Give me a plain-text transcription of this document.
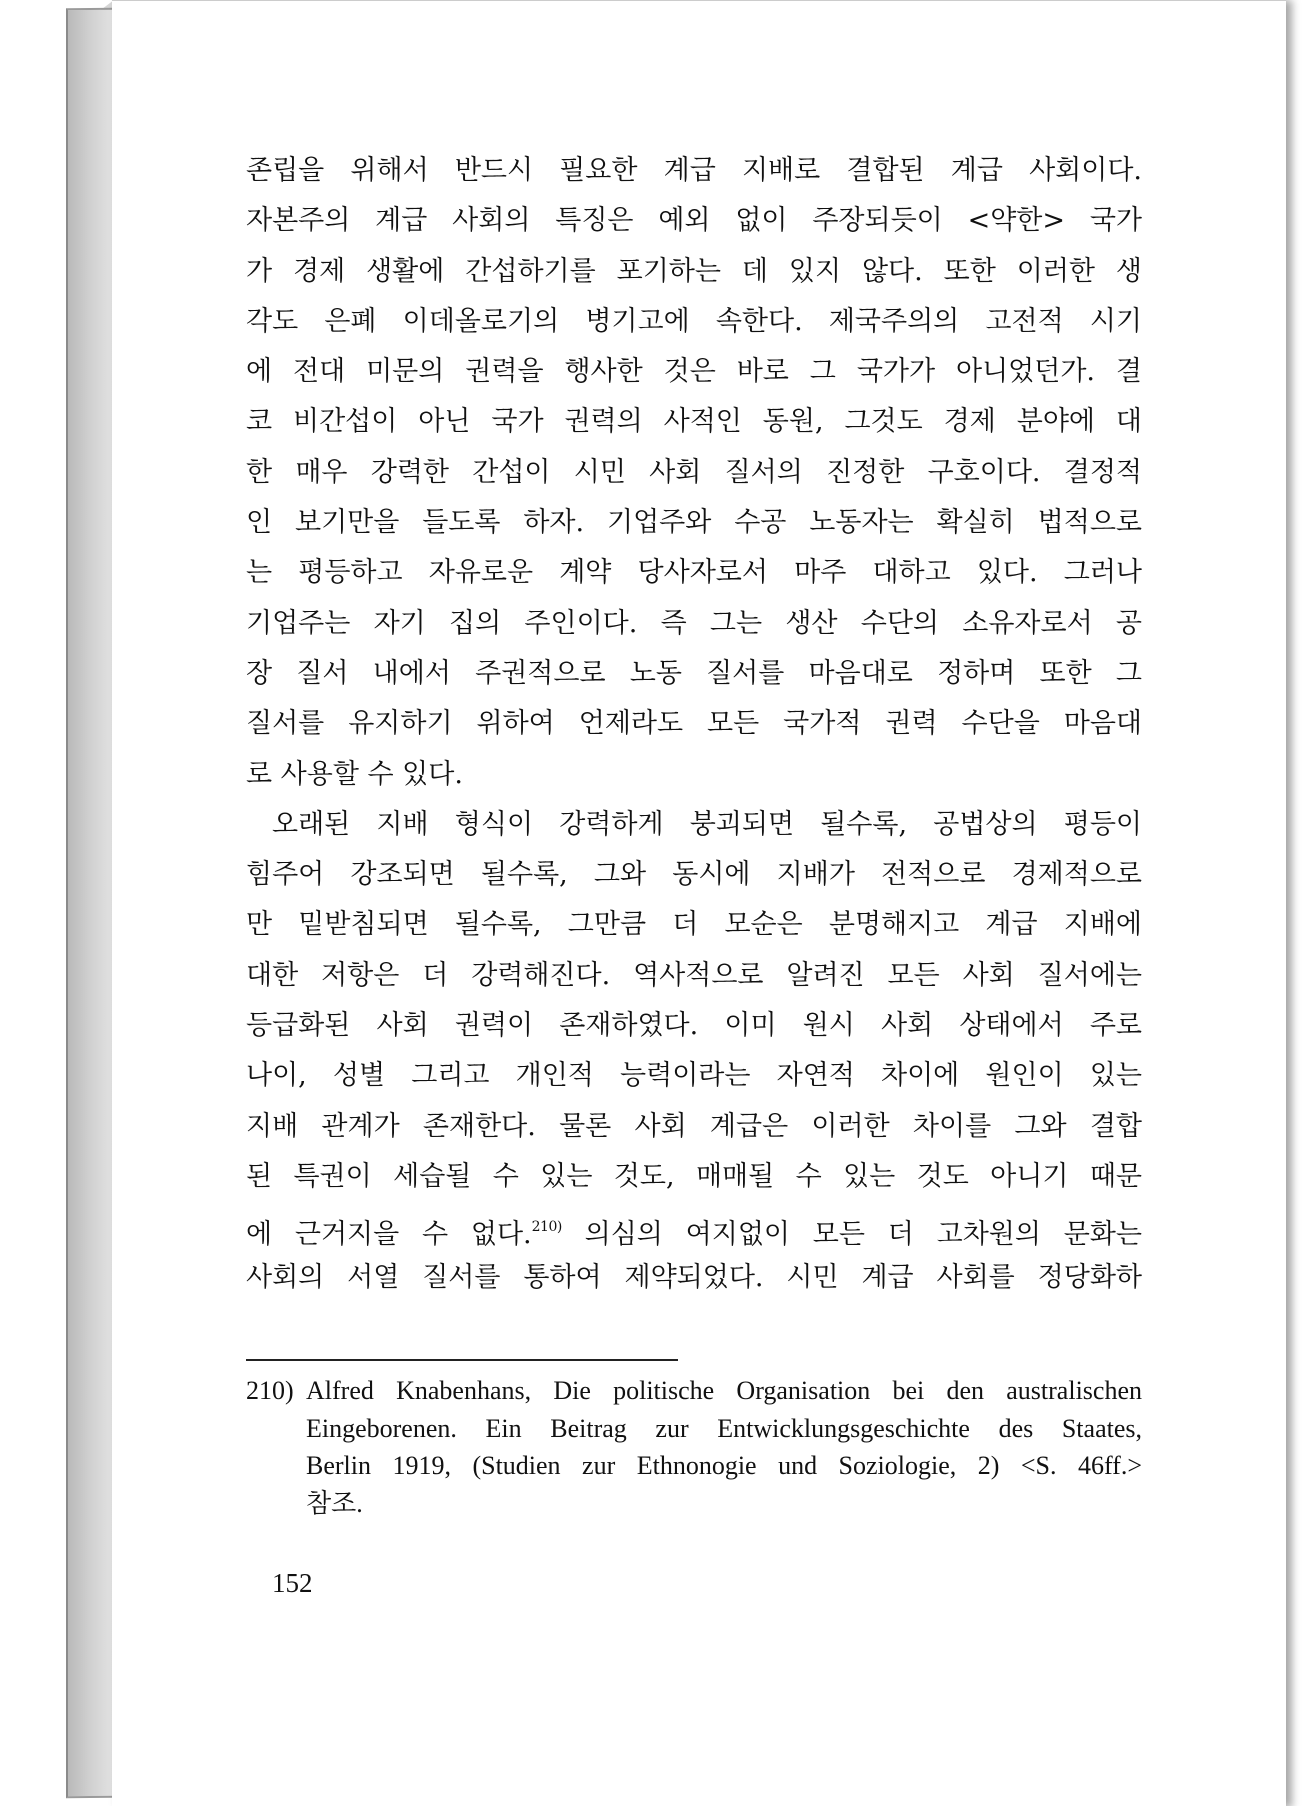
존립을 위해서 반드시 필요한 계급 지배로 결합된 계급 사회이다.
자본주의 계급 사회의 특징은 예외 없이 주장되듯이 <약한> 국가
가 경제 생활에 간섭하기를 포기하는 데 있지 않다. 또한 이러한 생
각도 은폐 이데올로기의 병기고에 속한다. 제국주의의 고전적 시기
에 전대 미문의 권력을 행사한 것은 바로 그 국가가 아니었던가. 결
코 비간섭이 아닌 국가 권력의 사적인 동원, 그것도 경제 분야에 대
한 매우 강력한 간섭이 시민 사회 질서의 진정한 구호이다. 결정적
인 보기만을 들도록 하자. 기업주와 수공 노동자는 확실히 법적으로
는 평등하고 자유로운 계약 당사자로서 마주 대하고 있다. 그러나
기업주는 자기 집의 주인이다. 즉 그는 생산 수단의 소유자로서 공
장 질서 내에서 주권적으로 노동 질서를 마음대로 정하며 또한 그
질서를 유지하기 위하여 언제라도 모든 국가적 권력 수단을 마음대
로 사용할 수 있다.
오래된 지배 형식이 강력하게 붕괴되면 될수록, 공법상의 평등이
힘주어 강조되면 될수록, 그와 동시에 지배가 전적으로 경제적으로
만 밑받침되면 될수록, 그만큼 더 모순은 분명해지고 계급 지배에
대한 저항은 더 강력해진다. 역사적으로 알려진 모든 사회 질서에는
등급화된 사회 권력이 존재하였다. 이미 원시 사회 상태에서 주로
나이, 성별 그리고 개인적 능력이라는 자연적 차이에 원인이 있는
지배 관계가 존재한다. 물론 사회 계급은 이러한 차이를 그와 결합
된 특권이 세습될 수 있는 것도, 매매될 수 있는 것도 아니기 때문
에 근거지을 수 없다.$^{210)}$ 의심의 여지없이 모든 더 고차원의 문화는
사회의 서열 질서를 통하여 제약되었다. 시민 계급 사회를 정당화하
210) Alfred Knabenhans, Die politische Organisation bei den australischen
Eingeborenen. Ein Beitrag zur Entwicklungsgeschichte des Staates,
Berlin 1919, (Studien zur Ethnonogie und Soziologie, 2) <S. 46ff.>
참조.
152
